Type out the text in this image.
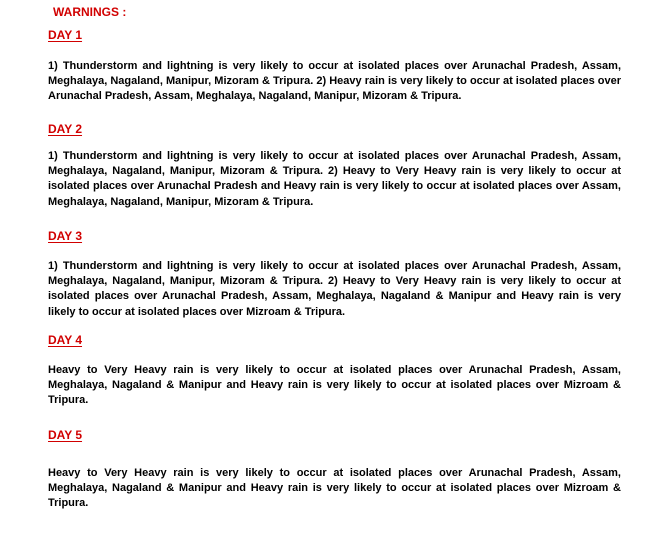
WARNINGS :
DAY 1

1) Thunderstorm and lightning is very likely to occur at isolated places over Arunachal Pradesh, Assam, Meghalaya, Nagaland, Manipur, Mizoram & Tripura. 2) Heavy rain is very likely to occur at isolated places over Arunachal Pradesh, Assam, Meghalaya, Nagaland, Manipur, Mizoram & Tripura.

DAY 2

1) Thunderstorm and lightning is very likely to occur at isolated places over Arunachal Pradesh, Assam, Meghalaya, Nagaland, Manipur, Mizoram & Tripura. 2) Heavy to Very Heavy rain is very likely to occur at isolated places over Arunachal Pradesh and Heavy rain is very likely to occur at isolated places over Assam, Meghalaya, Nagaland, Manipur, Mizoram & Tripura.

DAY 3

1) Thunderstorm and lightning is very likely to occur at isolated places over Arunachal Pradesh, Assam, Meghalaya, Nagaland, Manipur, Mizoram & Tripura. 2) Heavy to Very Heavy rain is very likely to occur at isolated places over Arunachal Pradesh, Assam, Meghalaya, Nagaland & Manipur and Heavy rain is very likely to occur at isolated places over Mizroam & Tripura.

DAY 4

Heavy to Very Heavy rain is very likely to occur at isolated places over Arunachal Pradesh, Assam, Meghalaya, Nagaland & Manipur and Heavy rain is very likely to occur at isolated places over Mizroam & Tripura.

DAY 5

Heavy to Very Heavy rain is very likely to occur at isolated places over Arunachal Pradesh, Assam, Meghalaya, Nagaland & Manipur and Heavy rain is very likely to occur at isolated places over Mizroam & Tripura.
